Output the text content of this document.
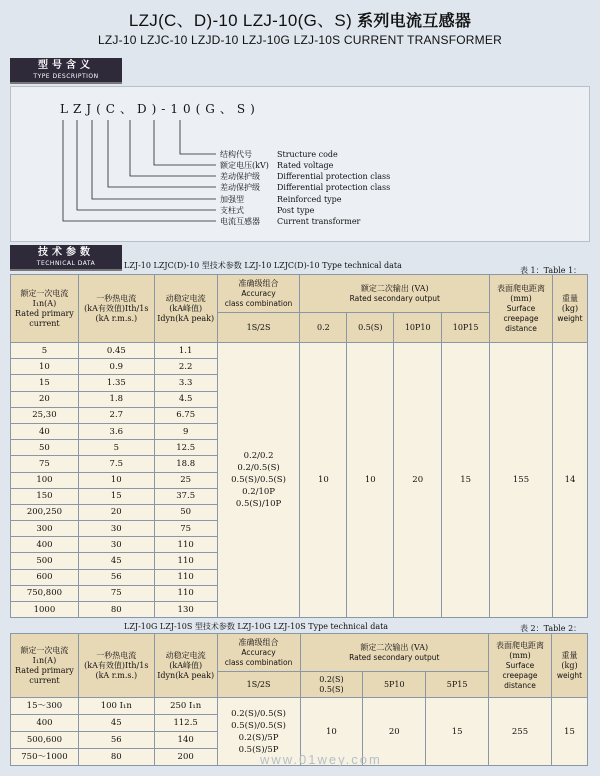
LZJ(C、D)-10 LZJ-10(G、S) 系列电流互感器
LZJ-10 LZJC-10 LZJD-10 LZJ-10G LZJ-10S CURRENT TRANSFORMER
型号含义
TYPE DESCRIPTION
LZJ(C、D)-10(G、S)
结构代号	Structure code
额定电压(kV) Rated voltage
差动保护级 Differential protection class
差动保护级 Differential protection class
加强型	Reinforced type
支柱式	Post type
电流互感器 Current transformer
技术参数
TECHNICAL DATA	LZJ-10 LZJC(D)-10 型技术参数 LZJ-10 LZJC(D)-10 Type technical data
表 1：Table 1：
额定一次电流
I₁n(A)
Rated primary
current	一秒热电流
(kA有效值)Ith/1s
(kA r.m.s.)	动稳定电流
(kA峰值)
Idyn(kA peak)	准确级组合
Accuracy
class combination	额定二次输出 (VA)
Rated secondary output				表面爬电距离
(mm)
Surface
creepage
distance	重量
(kg)
weight
			1S/2S	0.2	0.5(S)	10P10	10P15		
5	0.45	1.1	0.2/0.2
0.2/0.5(S)
0.5(S)/0.5(S)
0.2/10P
0.5(S)/10P	10	10	20	15	155	14
10	0.9	2.2							
15	1.35	3.3							
20	1.8	4.5							
25,30	2.7	6.75							
40	3.6	9							
50	5	12.5							
75	7.5	18.8							
100	10	25							
150	15	37.5							
200,250	20	50							
300	30	75							
400	30	110							
500	45	110							
600	56	110							
750,800	75	110							
1000	80	130							
LZJ-10G LZJ-10S 型技术参数 LZJ-10G LZJ-10S Type technical data	表 2：Table 2：
额定一次电流
I₁n(A)
Rated primary
current	一秒热电流
(kA有效值)Ith/1s
(kA r.m.s.)	动稳定电流
(kA峰值)
Idyn(kA peak)	准确级组合
Accuracy
class combination	额定二次输出 (VA)
Rated secondary output			表面爬电距离
(mm)
Surface
creepage
distance	重量
(kg)
weight
			1S/2S	0.2(S)
0.5(S)	5P10	5P15		
15～300	100 I₁n	250 I₁n	0.2(S)/0.5(S)
0.5(S)/0.5(S)
0.2(S)/5P
0.5(S)/5P	10	20	15	255	15
400	45	112.5						
500,600	56	140						
750～1000	80	200							www.01wey.com
